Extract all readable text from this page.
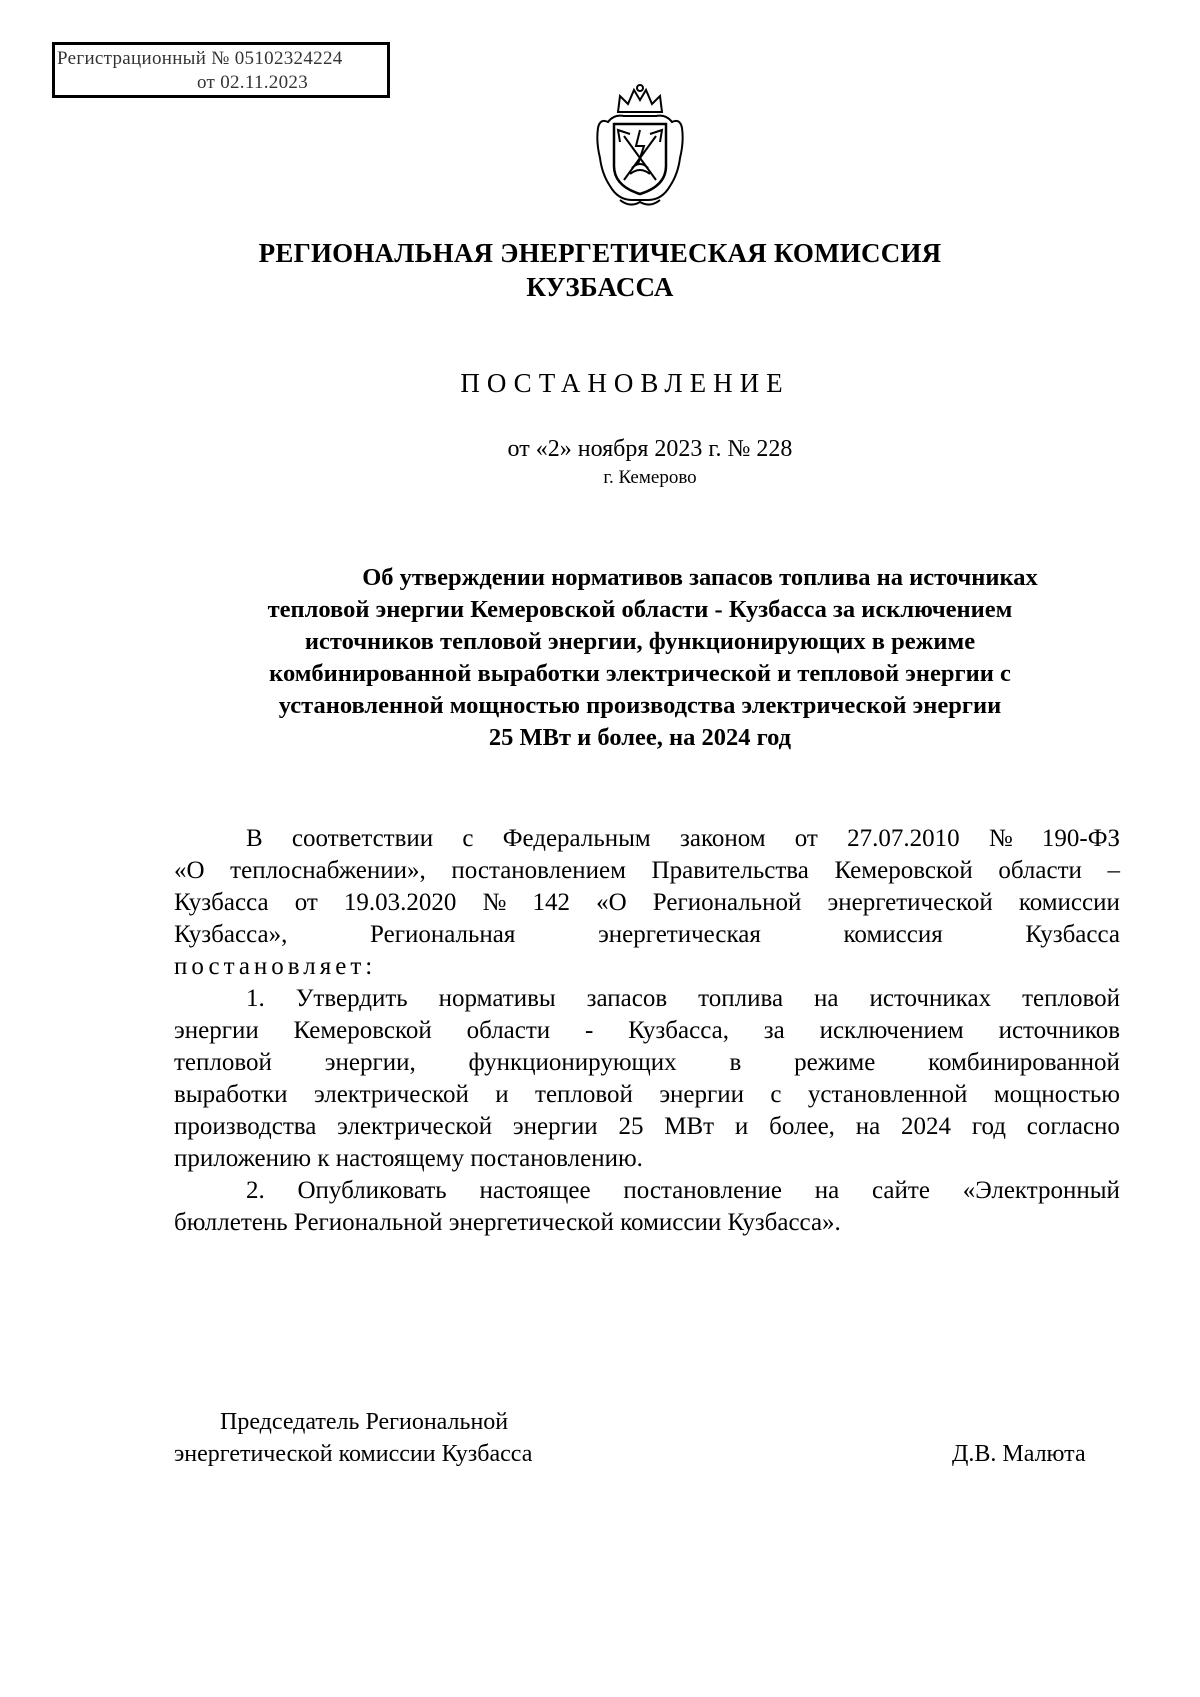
Регистрационный № 05102324224
от 02.11.2023
РЕГИОНАЛЬНАЯ ЭНЕРГЕТИЧЕСКАЯ КОМИССИЯ
КУЗБАССА
ПОСТАНОВЛЕНИЕ
от «2» ноября 2023 г. № 228
г. Кемерово
Об утверждении нормативов запасов топлива на источниках
тепловой энергии Кемеровской области - Кузбасса за исключением
источников тепловой энергии, функционирующих в режиме
комбинированной выработки электрической и тепловой энергии с
установленной мощностью производства электрической энергии
25 МВт и более, на 2024 год
В соответствии с Федеральным законом от 27.07.2010 № 190-ФЗ
«О теплоснабжении», постановлением Правительства Кемеровской области –
Кузбасса от 19.03.2020 № 142 «О Региональной энергетической комиссии
Кузбасса»,	Региональная	энергетическая	комиссия	Кузбасса
постановляет:
1. Утвердить нормативы запасов топлива на источниках тепловой
энергии Кемеровской области - Кузбасса, за исключением источников
тепловой энергии, функционирующих в режиме комбинированной
выработки электрической и тепловой энергии с установленной мощностью
производства электрической энергии 25 МВт и более, на 2024 год согласно
приложению к настоящему постановлению.
2. Опубликовать настоящее постановление на сайте «Электронный
бюллетень Региональной энергетической комиссии Кузбасса».
Председатель Региональной
энергетической комиссии Кузбасса	Д.В. Малюта
